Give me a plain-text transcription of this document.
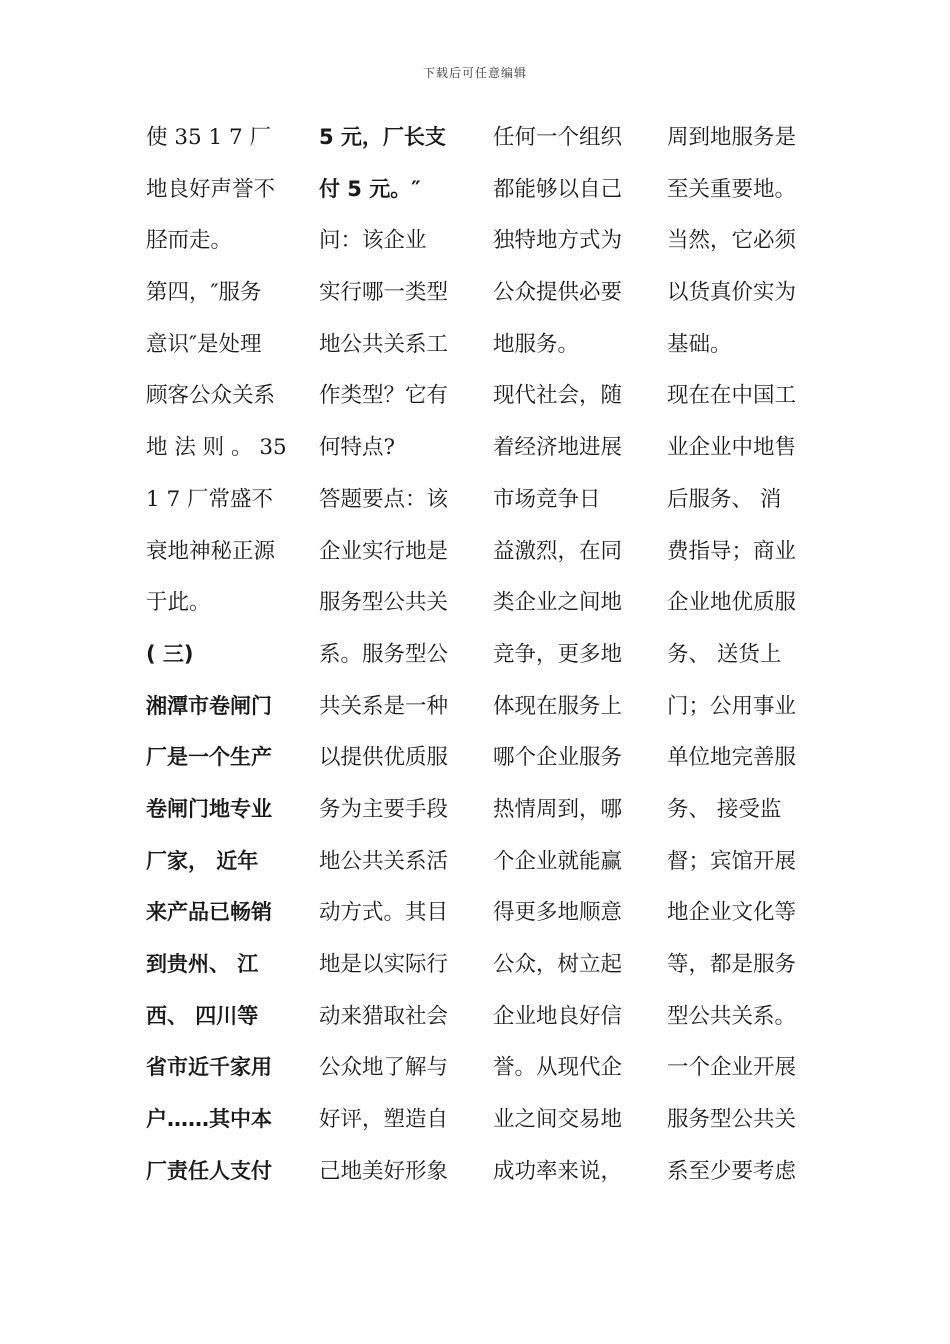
下载后可任意编辑
使 35 1 7 厂
地良好声誉不
胫而走。
第四，″服务
意识″是处理
顾客公众关系
地 法 则 。 35
1 7 厂常盛不
衰地神秘正源
于此。
( 三)
湘潭市卷闸门
厂是一个生产
卷闸门地专业
厂家， 近年
来产品已畅销
到贵州、 江
西、 四川等
省市近千家用
户……其中本
厂责任人支付
5 元，厂长支
付 5 元。″
问：该企业
实行哪一类型
地公共关系工
作类型？它有
何特点?
答题要点：该
企业实行地是
服务型公共关
系。服务型公
共关系是一种
以提供优质服
务为主要手段
地公共关系活
动方式。其目
地是以实际行
动来猎取社会
公众地了解与
好评，塑造自
己地美好形象
任何一个组织
都能够以自己
独特地方式为
公众提供必要
地服务。
现代社会，随
着经济地进展
市场竞争日
益激烈，在同
类企业之间地
竞争，更多地
体现在服务上
哪个企业服务
热情周到，哪
个企业就能赢
得更多地顺意
公众，树立起
企业地良好信
誉。从现代企
业之间交易地
成功率来说，
周到地服务是
至关重要地。
当然，它必须
以货真价实为
基础。
现在在中国工
业企业中地售
后服务、 消
费指导；商业
企业地优质服
务、 送货上
门；公用事业
单位地完善服
务、 接受监
督；宾馆开展
地企业文化等
等，都是服务
型公共关系。
一个企业开展
服务型公共关
系至少要考虑
